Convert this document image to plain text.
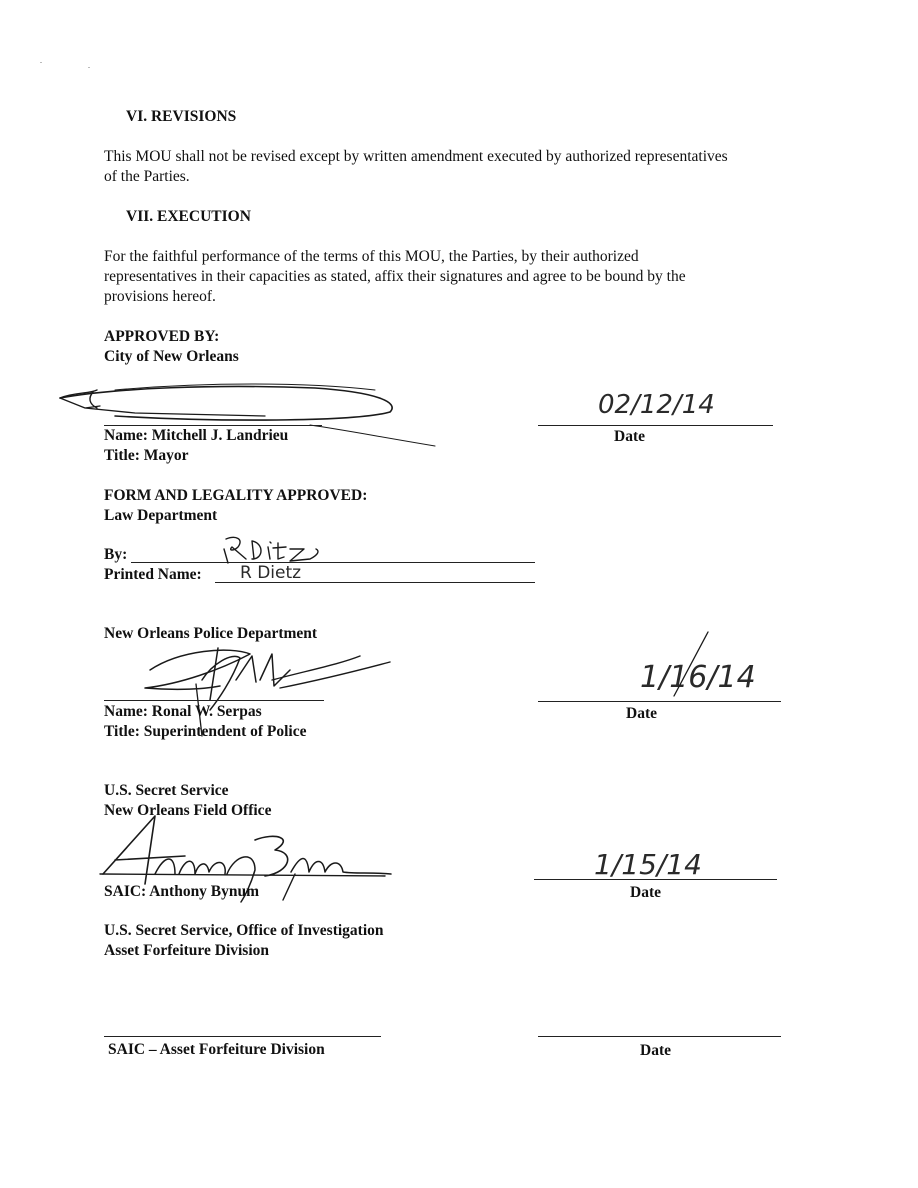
VI. REVISIONS
This MOU shall not be revised except by written amendment executed by authorized representatives
of the Parties.
VII. EXECUTION
For the faithful performance of the terms of this MOU, the Parties, by their authorized
representatives in their capacities as stated, affix their signatures and agree to be bound by the
provisions hereof.
APPROVED BY:
City of New Orleans
Name: Mitchell J. Landrieu
Title: Mayor
02/12/14
Date
FORM AND LEGALITY APPROVED:
Law Department
By:
Printed Name: R Dietz
New Orleans Police Department
Name: Ronal W. Serpas
Title: Superintendent of Police
1/16/14
Date
U.S. Secret Service
New Orleans Field Office
SAIC: Anthony Bynum
1/15/14
Date
U.S. Secret Service, Office of Investigation
Asset Forfeiture Division
SAIC – Asset Forfeiture Division	Date
